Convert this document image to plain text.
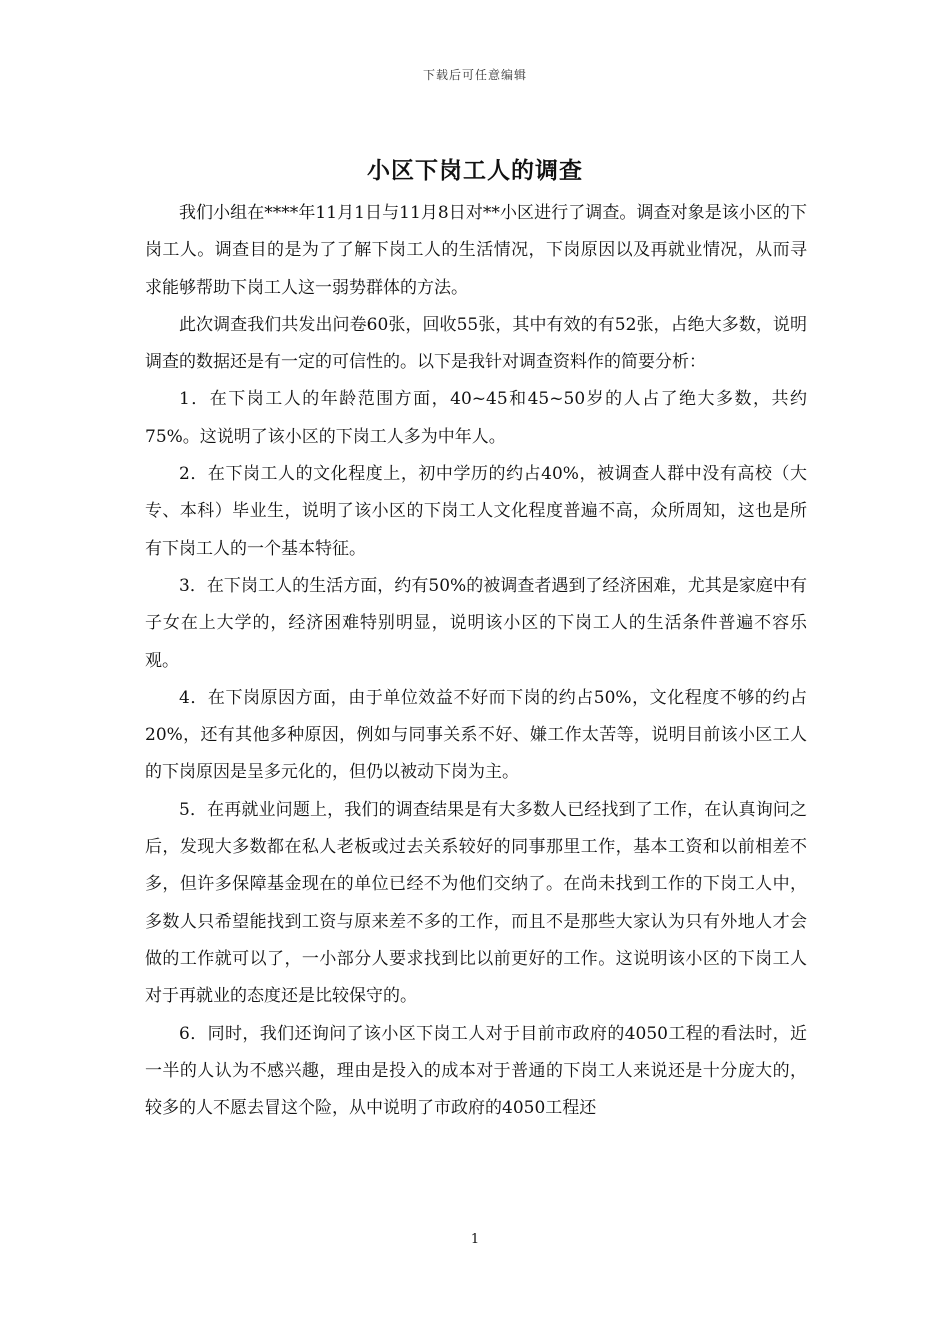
下载后可任意编辑
小区下岗工人的调查

我们小组在****年11月1日与11月8日对**小区进行了调查。调查对象是该小区的下岗工人。调查目的是为了了解下岗工人的生活情况，下岗原因以及再就业情况，从而寻求能够帮助下岗工人这一弱势群体的方法。

此次调查我们共发出问卷60张，回收55张，其中有效的有52张，占绝大多数，说明调查的数据还是有一定的可信性的。以下是我针对调查资料作的简要分析：

1．在下岗工人的年龄范围方面，40~45和45~50岁的人占了绝大多数，共约75%。这说明了该小区的下岗工人多为中年人。

2．在下岗工人的文化程度上，初中学历的约占40%，被调查人群中没有高校（大专、本科）毕业生，说明了该小区的下岗工人文化程度普遍不高，众所周知，这也是所有下岗工人的一个基本特征。

3．在下岗工人的生活方面，约有50%的被调查者遇到了经济困难，尤其是家庭中有子女在上大学的，经济困难特别明显，说明该小区的下岗工人的生活条件普遍不容乐观。

4．在下岗原因方面，由于单位效益不好而下岗的约占50%，文化程度不够的约占20%，还有其他多种原因，例如与同事关系不好、嫌工作太苦等，说明目前该小区工人的下岗原因是呈多元化的，但仍以被动下岗为主。

5．在再就业问题上，我们的调查结果是有大多数人已经找到了工作，在认真询问之后，发现大多数都在私人老板或过去关系较好的同事那里工作，基本工资和以前相差不多，但许多保障基金现在的单位已经不为他们交纳了。在尚未找到工作的下岗工人中，多数人只希望能找到工资与原来差不多的工作，而且不是那些大家认为只有外地人才会做的工作就可以了，一小部分人要求找到比以前更好的工作。这说明该小区的下岗工人对于再就业的态度还是比较保守的。

6．同时，我们还询问了该小区下岗工人对于目前市政府的4050工程的看法时，近一半的人认为不感兴趣，理由是投入的成本对于普通的下岗工人来说还是十分庞大的，较多的人不愿去冒这个险，从中说明了市政府的4050工程还

1
